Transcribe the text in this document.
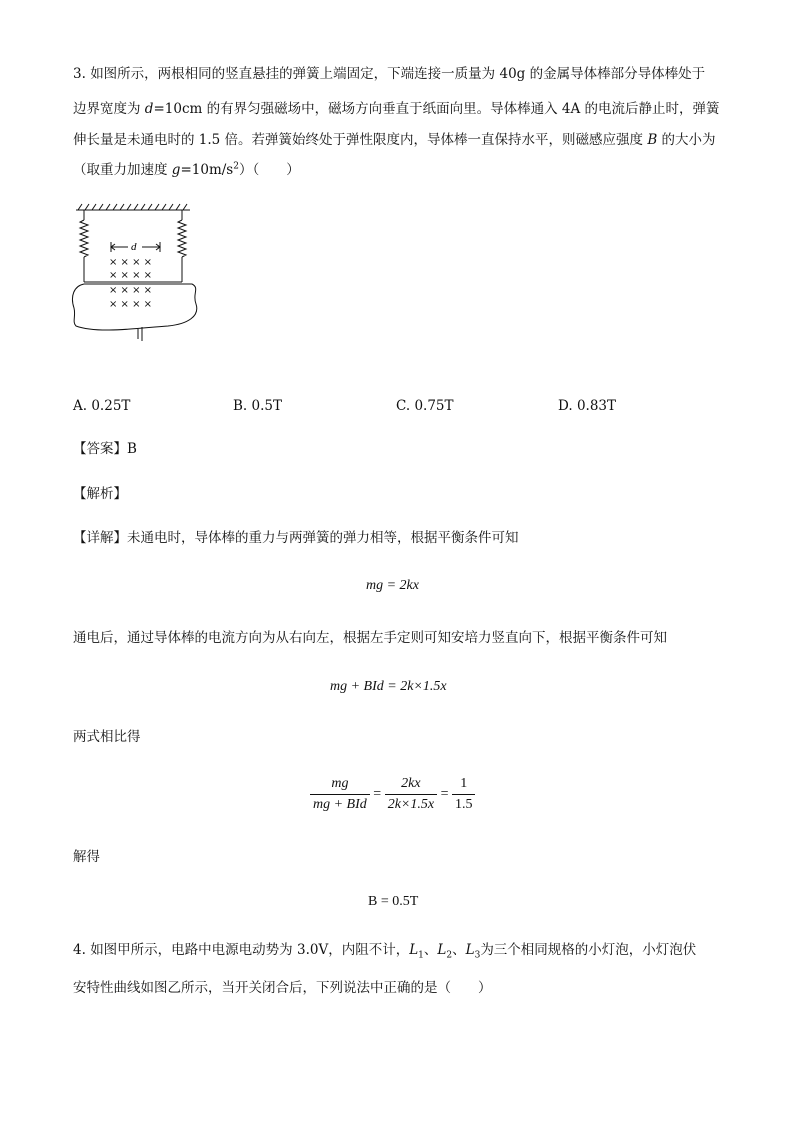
3. 如图所示，两根相同的竖直悬挂的弹簧上端固定，下端连接一质量为 40g 的金属导体棒部分导体棒处于
边界宽度为 d=10cm 的有界匀强磁场中，磁场方向垂直于纸面向里。导体棒通入 4A 的电流后静止时，弹簧
伸长量是未通电时的 1.5 倍。若弹簧始终处于弹性限度内，导体棒一直保持水平，则磁感应强度 B 的大小为
（取重力加速度 $g=10m/s^2$）（　　）
d
× × × ×
× × × ×
× × × ×
× × × ×
A. 0.25T	B. 0.5T	C. 0.75T	D. 0.83T
【答案】B
【解析】
【详解】未通电时，导体棒的重力与两弹簧的弹力相等，根据平衡条件可知
mg = 2kx
通电后，通过导体棒的电流方向为从右向左，根据左手定则可知安培力竖直向下，根据平衡条件可知
mg + BId = 2k×1.5x
两式相比得
$\frac{mg}{\text{mg + BId}} = \frac{2kx}{2k\times 1.5x} = \frac{1}{1.5}$
解得
B = 0.5T
4. 如图甲所示，电路中电源电动势为 3.0V，内阻不计，$L_1$、$L_2$、$L_3$为三个相同规格的小灯泡，小灯泡伏
安特性曲线如图乙所示，当开关闭合后，下列说法中正确的是（　　）
